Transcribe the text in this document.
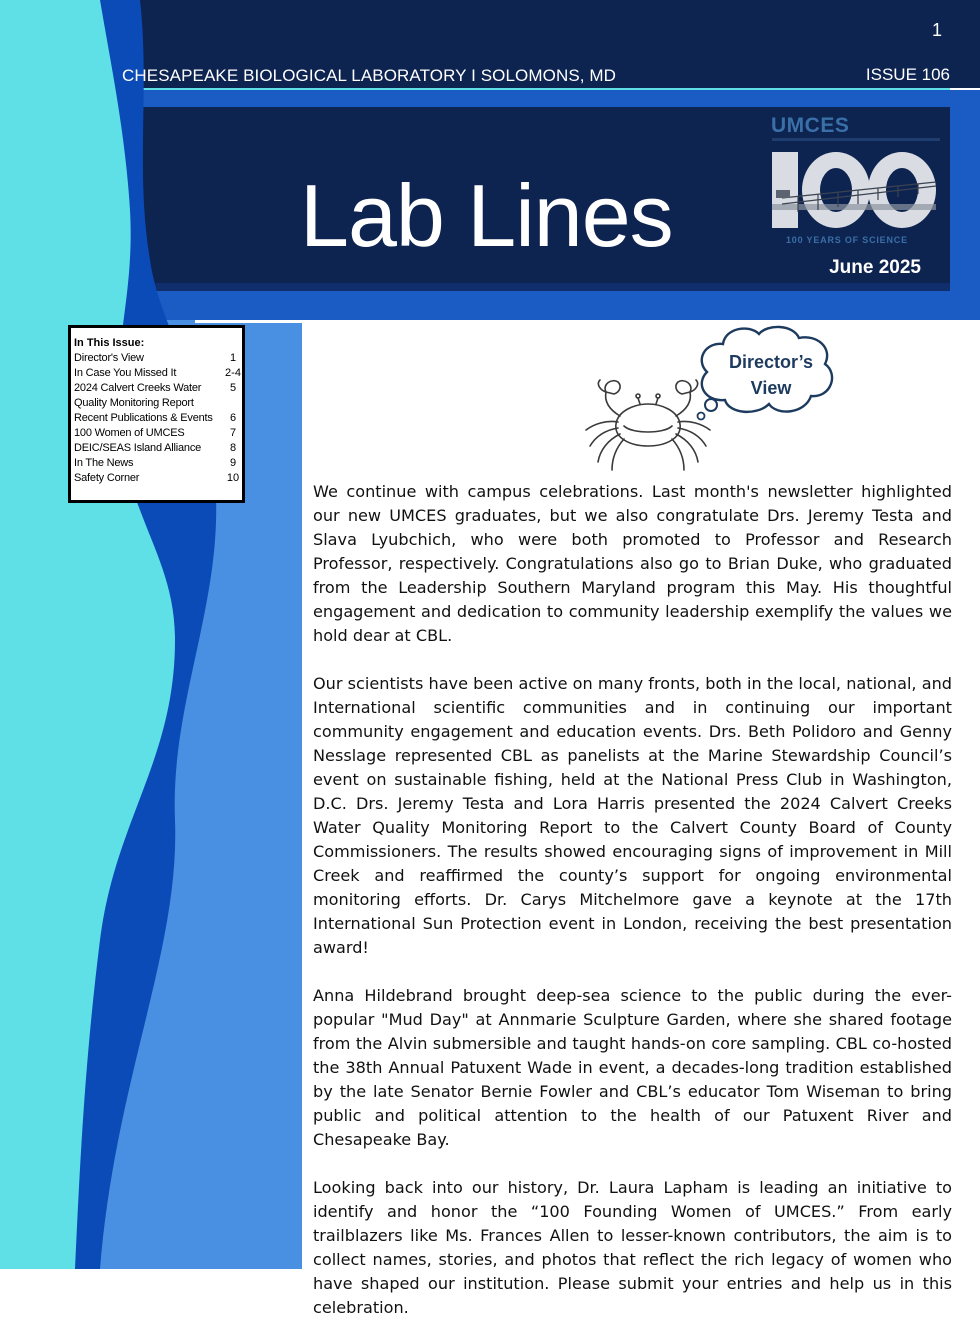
1
CHESAPEAKE BIOLOGICAL LABORATORY I SOLOMONS, MD	ISSUE 106
Lab Lines
June 2025
UMCES
100 YEARS OF SCIENCE
In This Issue:
Director's View	1
In Case You Missed It	2-4
2024 Calvert Creeks Water	5
Quality Monitoring Report
Recent Publications & Events	6
100 Women of UMCES	7
DEIC/SEAS Island Alliance	8
In The News	9
Safety Corner	10
Director’s
View

We continue with campus celebrations. Last month's newsletter highlighted our new UMCES graduates, but we also congratulate Drs. Jeremy Testa and Slava Lyubchich, who were both promoted to Professor and Research Professor, respectively. Congratulations also go to Brian Duke, who graduated from the Leadership Southern Maryland program this May. His thoughtful engagement and dedication to community leadership exemplify the values we hold dear at CBL.

Our scientists have been active on many fronts, both in the local, national, and International scientific communities and in continuing our important community engagement and education events. Drs. Beth Polidoro and Genny Nesslage represented CBL as panelists at the Marine Stewardship Council’s event on sustainable fishing, held at the National Press Club in Washington, D.C. Drs. Jeremy Testa and Lora Harris presented the 2024 Calvert Creeks Water Quality Monitoring Report to the Calvert County Board of County Commissioners. The results showed encouraging signs of improvement in Mill Creek and reaffirmed the county’s support for ongoing environmental monitoring efforts. Dr. Carys Mitchelmore gave a keynote at the 17th International Sun Protection event in London, receiving the best presentation award!

Anna Hildebrand brought deep-sea science to the public during the ever-popular "Mud Day" at Annmarie Sculpture Garden, where she shared footage from the Alvin submersible and taught hands-on core sampling. CBL co-hosted the 38th Annual Patuxent Wade in event, a decades-long tradition established by the late Senator Bernie Fowler and CBL’s educator Tom Wiseman to bring public and political attention to the health of our Patuxent River and Chesapeake Bay.

Looking back into our history, Dr. Laura Lapham is leading an initiative to identify and honor the “100 Founding Women of UMCES.” From early trailblazers like Ms. Frances Allen to lesser-known contributors, the aim is to collect names, stories, and photos that reflect the rich legacy of women who have shaped our institution. Please submit your entries and help us in this celebration.
